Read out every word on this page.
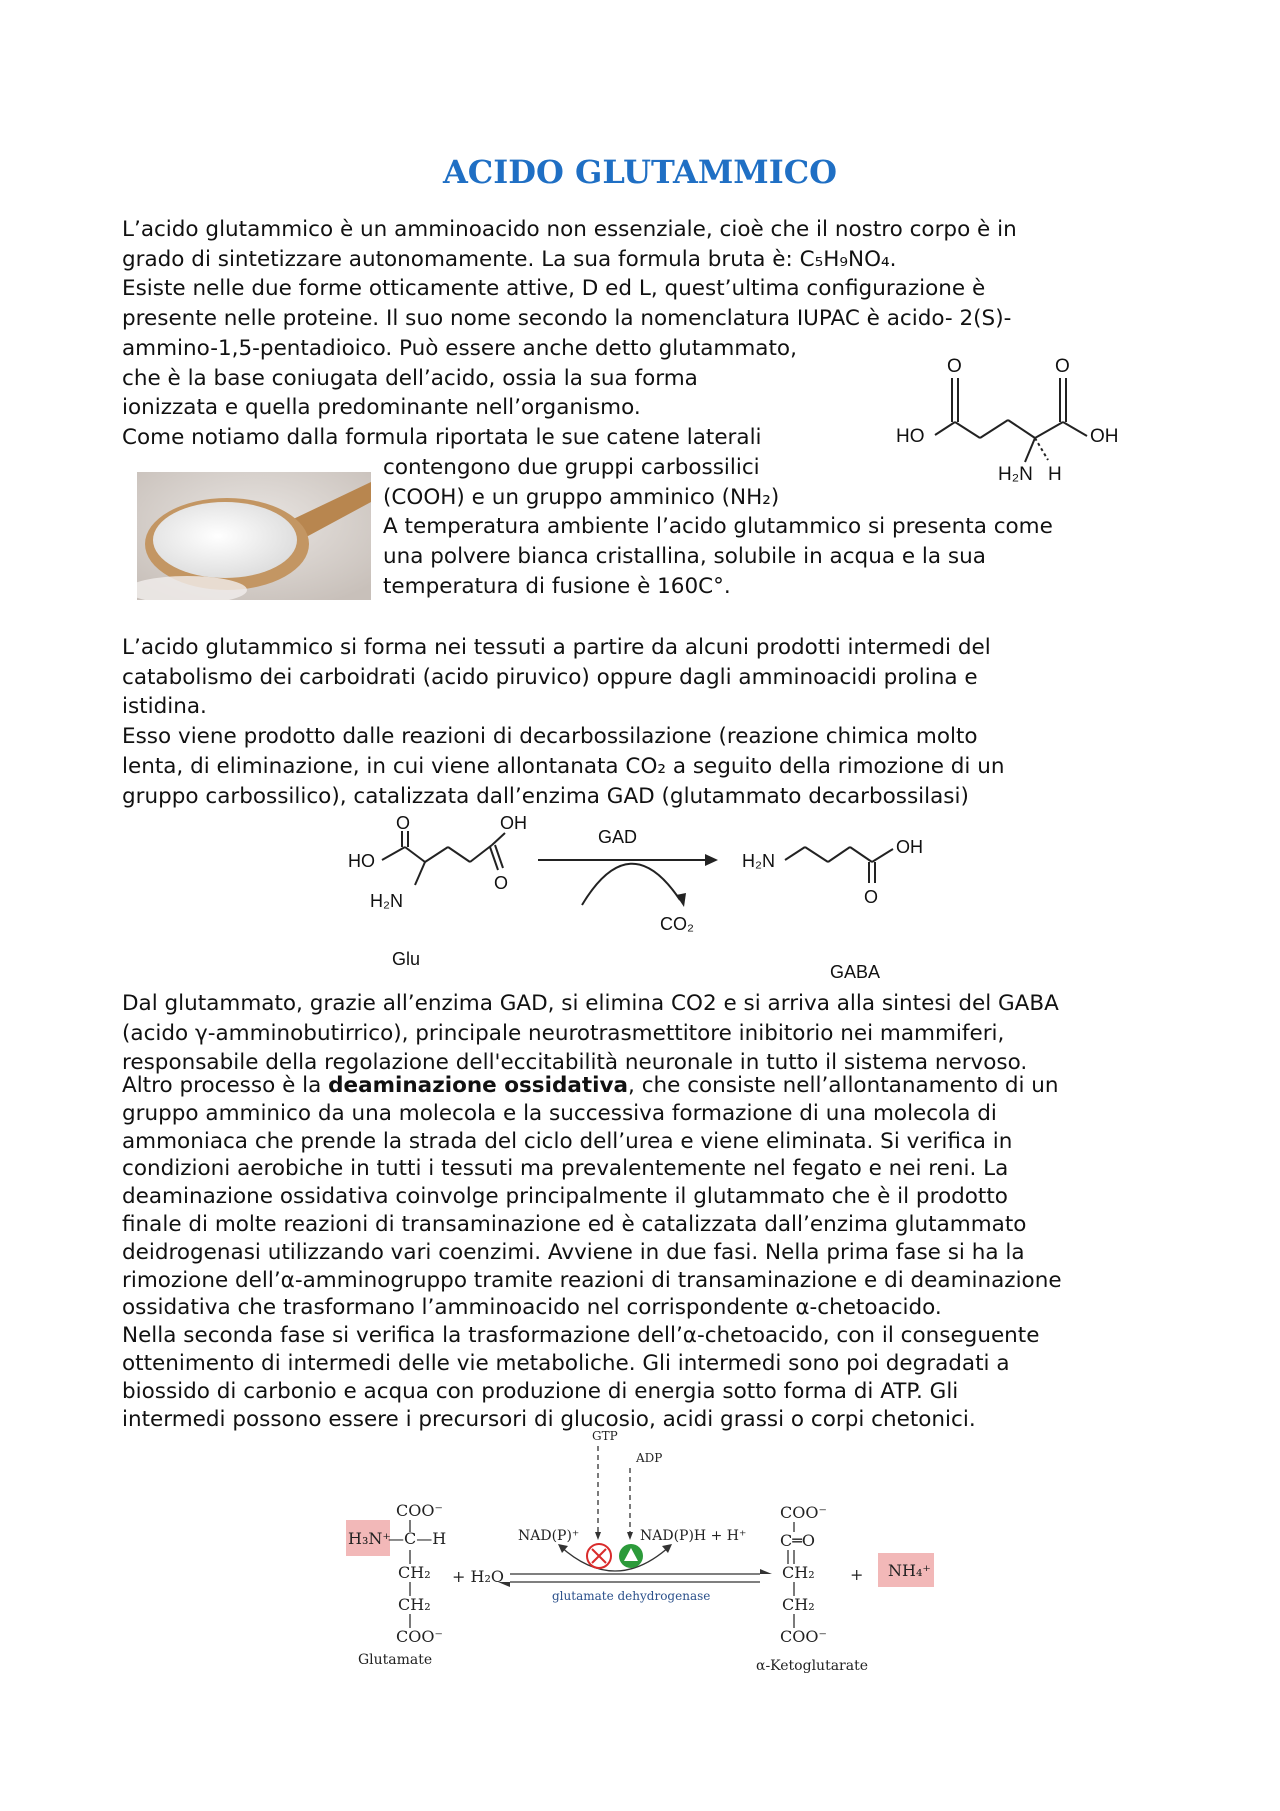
ACIDO GLUTAMMICO
L’acido glutammico è un amminoacido non essenziale, cioè che il nostro corpo è in
grado di sintetizzare autonomamente. La sua formula bruta è: C₅H₉NO₄.
Esiste nelle due forme otticamente attive, D ed L, quest’ultima configurazione è
presente nelle proteine. Il suo nome secondo la nomenclatura IUPAC è acido- 2(S)-
ammino-1,5-pentadioico. Può essere anche detto glutammato,
che è la base coniugata dell’acido, ossia la sua forma
ionizzata e quella predominante nell’organismo.
Come notiamo dalla formula riportata le sue catene laterali
O	O
HO	OH
H₂N H
contengono due gruppi carbossilici
(COOH) e un gruppo amminico (NH₂)
A temperatura ambiente l’acido glutammico si presenta come
una polvere bianca cristallina, solubile in acqua e la sua
temperatura di fusione è 160C°.
L’acido glutammico si forma nei tessuti a partire da alcuni prodotti intermedi del
catabolismo dei carboidrati (acido piruvico) oppure dagli amminoacidi prolina e
istidina.
Esso viene prodotto dalle reazioni di decarbossilazione (reazione chimica molto
lenta, di eliminazione, in cui viene allontanata CO₂ a seguito della rimozione di un
gruppo carbossilico), catalizzata dall’enzima GAD (glutammato decarbossilasi)
O	OH
HO
O
H₂N
GAD
CO₂
H₂N
OH
O
Glu
GABA
Dal glutammato, grazie all’enzima GAD, si elimina CO2 e si arriva alla sintesi del GABA
(acido γ-amminobutirrico), principale neurotrasmettitore inibitorio nei mammiferi,
responsabile della regolazione dell'eccitabilità neuronale in tutto il sistema nervoso.
Altro processo è la deaminazione ossidativa, che consiste nell’allontanamento di un
gruppo amminico da una molecola e la successiva formazione di una molecola di
ammoniaca che prende la strada del ciclo dell’urea e viene eliminata. Si verifica in
condizioni aerobiche in tutti i tessuti ma prevalentemente nel fegato e nei reni. La
deaminazione ossidativa coinvolge principalmente il glutammato che è il prodotto
finale di molte reazioni di transaminazione ed è catalizzata dall’enzima glutammato
deidrogenasi utilizzando vari coenzimi. Avviene in due fasi. Nella prima fase si ha la
rimozione dell’α-amminogruppo tramite reazioni di transaminazione e di deaminazione
ossidativa che trasformano l’amminoacido nel corrispondente α-chetoacido.
Nella seconda fase si verifica la trasformazione dell’α-chetoacido, con il conseguente
ottenimento di intermedi delle vie metaboliche. Gli intermedi sono poi degradati a
biossido di carbonio e acqua con produzione di energia sotto forma di ATP. Gli
intermedi possono essere i precursori di glucosio, acidi grassi o corpi chetonici.
GTP
ADP
COO⁻
H₃N⁺
—C—H
CH₂
CH₂
COO⁻
+ H₂O
NAD(P)⁺	NAD(P)H + H⁺
glutamate dehydrogenase
COO⁻
C═O
CH₂
CH₂
COO⁻
+ NH₄⁺
Glutamate	α-Ketoglutarate
